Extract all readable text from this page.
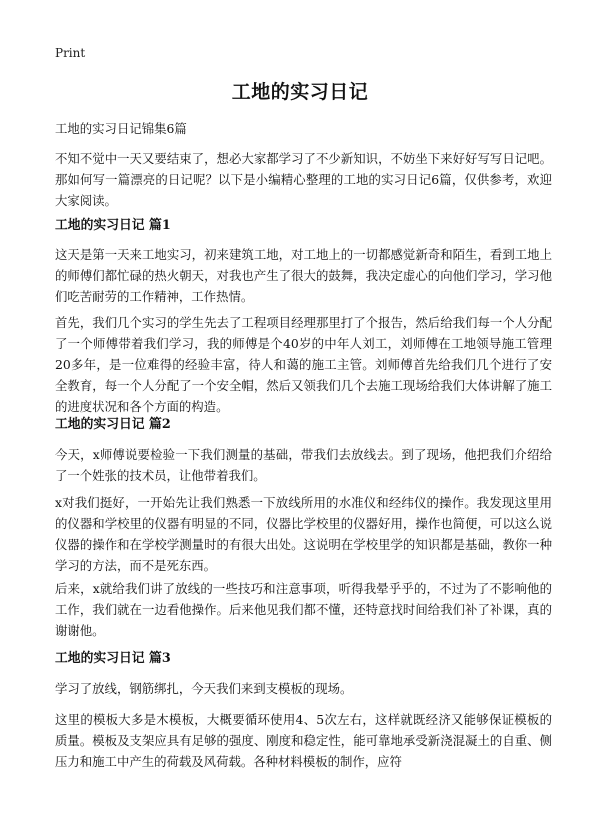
Print
工地的实习日记

工地的实习日记锦集6篇

不知不觉中一天又要结束了，想必大家都学习了不少新知识，不妨坐下来好好写写日记吧。那如何写一篇漂亮的日记呢？以下是小编精心整理的工地的实习日记6篇，仅供参考，欢迎大家阅读。

工地的实习日记 篇1

这天是第一天来工地实习，初来建筑工地，对工地上的一切都感觉新奇和陌生，看到工地上的师傅们都忙碌的热火朝天，对我也产生了很大的鼓舞，我决定虚心的向他们学习，学习他们吃苦耐劳的工作精神，工作热情。

首先，我们几个实习的学生先去了工程项目经理那里打了个报告，然后给我们每一个人分配了一个师傅带着我们学习，我的师傅是个40岁的中年人刘工，刘师傅在工地领导施工管理20多年，是一位难得的经验丰富，待人和蔼的施工主管。刘师傅首先给我们几个进行了安全教育，每一个人分配了一个安全帽，然后又领我们几个去施工现场给我们大体讲解了施工的进度状况和各个方面的构造。

工地的实习日记 篇2

今天，x师傅说要检验一下我们测量的基础，带我们去放线去。到了现场，他把我们介绍给了一个姓张的技术员，让他带着我们。

x对我们挺好，一开始先让我们熟悉一下放线所用的水准仪和经纬仪的操作。我发现这里用的仪器和学校里的仪器有明显的不同，仪器比学校里的仪器好用，操作也简便，可以这么说仪器的操作和在学校学测量时的有很大出处。这说明在学校里学的知识都是基础，教你一种学习的方法，而不是死东西。

后来，x就给我们讲了放线的一些技巧和注意事项，听得我晕乎乎的，不过为了不影响他的工作，我们就在一边看他操作。后来他见我们都不懂，还特意找时间给我们补了补课，真的谢谢他。

工地的实习日记 篇3

学习了放线，钢筋绑扎，今天我们来到支模板的现场。

这里的模板大多是木模板，大概要循环使用4、5次左右，这样就既经济又能够保证模板的质量。模板及支架应具有足够的强度、刚度和稳定性，能可靠地承受新浇混凝土的自重、侧压力和施工中产生的荷载及风荷载。各种材料模板的制作，应符
